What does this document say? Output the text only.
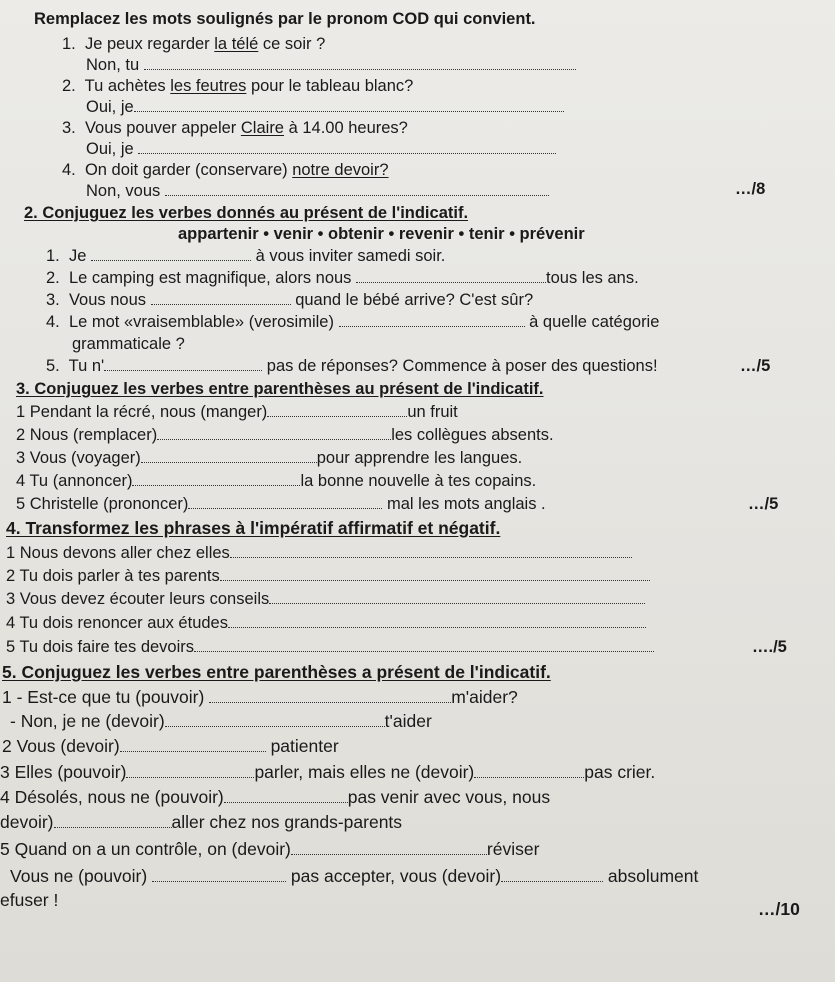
Remplacez les mots soulignés par le pronom COD qui convient.
1. Je peux regarder la télé ce soir ?
Non, tu
2. Tu achètes les feutres pour le tableau blanc?
Oui, je
3. Vous pouver appeler Claire à 14.00 heures?
Oui, je
4. On doit garder (conservare) notre devoir?
Non, vous	…/8
2. Conjuguez les verbes donnés au présent de l'indicatif.
appartenir • venir • obtenir • revenir • tenir • prévenir
1. Je	à vous inviter samedi soir.
2. Le camping est magnifique, alors nous	tous les ans.
3. Vous nous	quand le bébé arrive? C'est sûr?
4. Le mot «vraisemblable» (verosimile)	à quelle catégorie
grammaticale ?
5. Tu n'	pas de réponses? Commence à poser des questions!	…/5
3. Conjuguez les verbes entre parenthèses au présent de l'indicatif.
1 Pendant la récré, nous (manger)	un fruit
2 Nous (remplacer)	les collègues absents.
3 Vous (voyager)	pour apprendre les langues.
4 Tu (annoncer)	la bonne nouvelle à tes copains.
5 Christelle (prononcer)	mal les mots anglais .	…/5
4. Transformez les phrases à l'impératif affirmatif et négatif.
1 Nous devons aller chez elles
2 Tu dois parler à tes parents
3 Vous devez écouter leurs conseils
4 Tu dois renoncer aux études
5 Tu dois faire tes devoirs	…./5
5. Conjuguez les verbes entre parenthèses a présent de l'indicatif.
1 - Est-ce que tu (pouvoir)	m'aider?
- Non, je ne (devoir)	t'aider
2 Vous (devoir)	patienter
3 Elles (pouvoir)	parler, mais elles ne (devoir)	pas crier.
4 Désolés, nous ne (pouvoir)	pas venir avec vous, nous
devoir)	aller chez nos grands-parents
5 Quand on a un contrôle, on (devoir)	réviser
Vous ne (pouvoir)	pas accepter, vous (devoir)	absolument
efuser !	…/10
